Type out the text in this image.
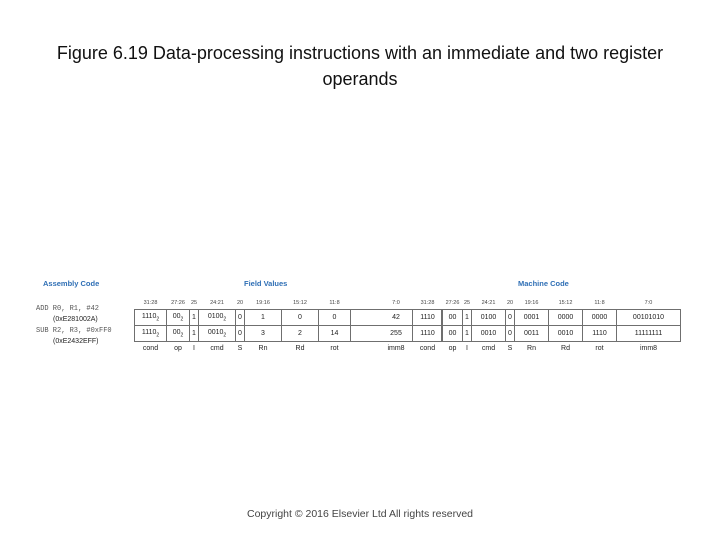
Figure 6.19 Data-processing instructions with an immediate and two register operands
Assembly Code	Field Values	Machine Code
ADD R0, R1, #42
(0xE281002A)
SUB R2, R3, #0xFF0
(0xE2432EFF)
31:28	27:26	25	24:21	20	19:16	15:12	11:8	7:0
$1110_2$	$00_2$	1	$0100_2$	0	1	0	0	42
$1110_2$	$00_2$	1	$0010_2$	0	3	2	14	255
cond	op	I	cmd	S	Rn	Rd	rot	imm8
31:28	27:26	25	24:21	20	19:16	15:12	11:8	7:0
1110	00	1	0100	0	0001	0000	0000	00101010
1110	00	1	0010	0	0011	0010	1110	11111111
cond	op	I	cmd	S	Rn	Rd	rot	imm8
Copyright © 2016 Elsevier Ltd All rights reserved
